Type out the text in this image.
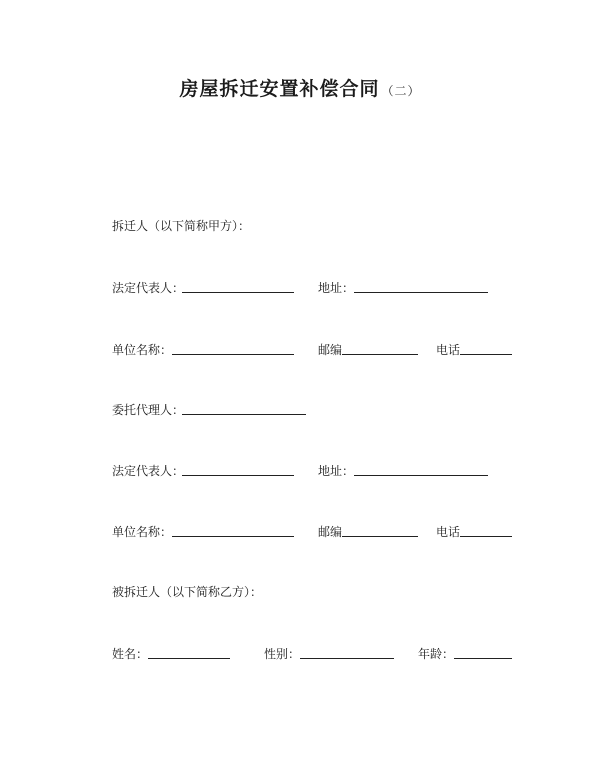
房屋拆迁安置补偿合同 （二）
拆迁人（以下简称甲方）：
法定代表人：	地址：
单位名称：	邮编	电话
委托代理人：
法定代表人：	地址：
单位名称：	邮编	电话
被拆迁人（以下简称乙方）：
姓名：	性别：	年龄：
